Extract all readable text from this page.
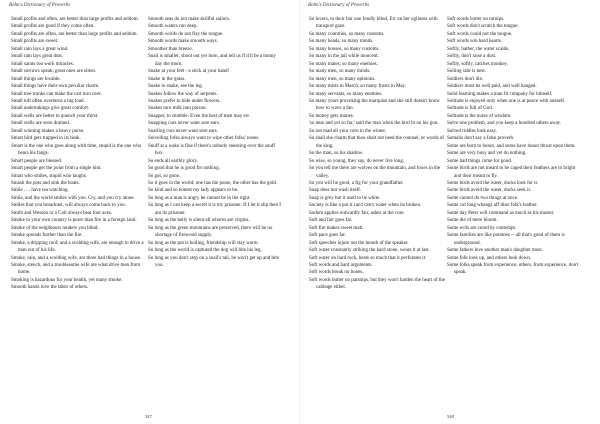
Bohn's Dictionary of Proverbs

Small profits and often, are better than large profits and seldom.

Small profits are good if they come often.

Small profits are often, are better than large profits and seldom.

Small profits are sweet.

Small rain lays a great wind.

Small rain lays great dust.

Small saints too work miracles.

Small sorrows speak; great ones are silent.

Small things are lovable.

Small things have their own peculiar charm.

Small tree trunks can make the cart turn over.

Small tuft often overturns a big load.

Small undertakings give great comfort.

Small wells are better to quench your thirst.

Small wells are soon drained.

Small winning makes a heavy purse.

Smart bird gets trapped in its beak.

Smart is the one who goes along with time, stupid is the one who bears his fangs.

Smart people are blessed.

Smart people get the point from a single hint.

Smart who smiles, stupid who laughs.

Smash the pots and sink the boats.

Smile . . . have tea watching.

Smile, and the world smiles with you. Cry, and you cry alone.

Smiles that you broadcast, will always come back to you.

Smith and Wesson or a Colt always beat four aces.

Smoke in your own country is purer than fire in a foreign land.

Smoke of the neighbours renders you blind.

Smoke spreads further than the fire.

Smoke, a dripping roof, and a scolding wife, are enough to drive a man out of his life.

Smoke, rain, and a scolding wife, are three bad things in a house.

Smoke, stench, and a troublesome wife are what drive men from home.

Smoking is hazardous for your health, yet many smoke.

Smooth hands love the labor of others.

Smooth seas do not make skillful sailors.

Smooth waters run deep.

Smooth words do not flay the tongue.

Smooth words make smooth ways.

Smoother than breeze.

Snail is smaller, shoot out yer horn, and tell us if it'll be a bonny day the morn.

Snake at your feet - a stick at your hand!

Snake in the grass.

Snake to snake, see the leg.

Snakes follow the way of serpents.

Snakes prefer to hide under flowers.

Snakes turn milk into poison.

Snapper, to stumble. Even the best of men may err.

Snapping curs never want sore ears.

Snarling curs never want sore ears.

Snivelling folks always want to wipe other folks' noses.

Snuff at a wake is fine if there's nobody sneezing over the snuff box.

So ends all earthly glory.

So good that he is good for nothing.

So got, so gone.

So it goes in the world: one has the purse, the other has the gold.

So kind and so honest my lady appears to be.

So long as a man is angry he cannot be in the right.

So long as I can keep a secret it is my prisoner. If I let it slip then I am its prisoner.

So long as the belly is silent all whores are virgins.

So long as the green mountains are preserved, there will be no shortage of firewood supply.

So long as the pot is boiling, friendship will stay warm.

So long as the world is captured the dog will bite his leg.

So long as you don't step on a snail's tail, he won't get up and bite you.

547
Bohn's Dictionary of Proverbs

So lovers, to their fair one fondly blind, Err on her ugliness with transport gaze.

So many countries, so many customs.

So many heads, so many minds.

So many houses, so many customs.

So many in the jail while innocent.

So many mates; so many enemies.

So many men, so many minds.

So many men, so many opinions.

So many mists in March, so many frosts in May.

So many servants, so many enemies.

So many years provoking the marquise and she still doesn't know how to wave a fan.

So money gets money.

'so near and yet so far,' said the man when the bird lit on his gun.

So not mad all your corn in the winter.

So shall she charm that thou shalt not heed the counsel, or words of the king.

So the man, so his shadow.

So wise, so young, they say, do never live long.

So you tell me there are wolves on the mountain, and foxes in the valley.

So you will be good, a fig for your grandfather.

Soap does not wash itself.

Soap is grey but it used to be white.

Society is like a pot it can't carry water when its broken.

Sodom applies outwardly fair, ashes at the core.

Soft and fair goes far.

Soft fire makes sweet malt.

Soft pace goes far.

Soft speeches injure not the mouth of the speaker.

Soft water constantly striking the hard stone, wears it at last.

Soft water on hard rock, beats so much that it perforates it.

Soft words and hard arguments.

Soft words break no bones.

Soft words butter no parsnips, but they won't harden the heart of the cabbage either.

Soft words butter no turnips.

Soft words don't scratch the tongue.

Soft words could not the tongue.

Soft words win hard hearts.

Softly, bather, the water scalds.

Softly, don't raise a dust.

Softly, softly, catches monkey.

Soiling side is best.

Soldiers don't die.

Soldiers must be well paid, and well hanged.

Solid learning makes a man fit company for himself.

Solitude is enjoyed only when one is at peace with oneself.

Solitude is full of God.

Solitude is the nurse of wisdom.

Solve one problem, and you keep a hundred others away.

Solved riddles look easy.

Somalis don't say a false proverb.

Some are born to honor, and some have honor thrust upon them.

Some are very busy and yet do nothing.

Some bad things come for good.

Some birds are not meant to be caged their feathers are to bright and their meant to fly.

Some birds avoid the water, ducks look for it.

Some birds avoid the water, ducks seek it.

Some cannot do two things at once.

Some cut long whangs aff ither folk's leather.

Some day Peter will command as much as his master.

Some die of mere bloom.

Some evils are cured by contempt.

Some families are like potatoes -- all that's good of them is underground.

Some fathers love another man's daughter most.

Some folk look up, and others look down.

Some folks speak from experience; others, from experience, don't speak.

548
